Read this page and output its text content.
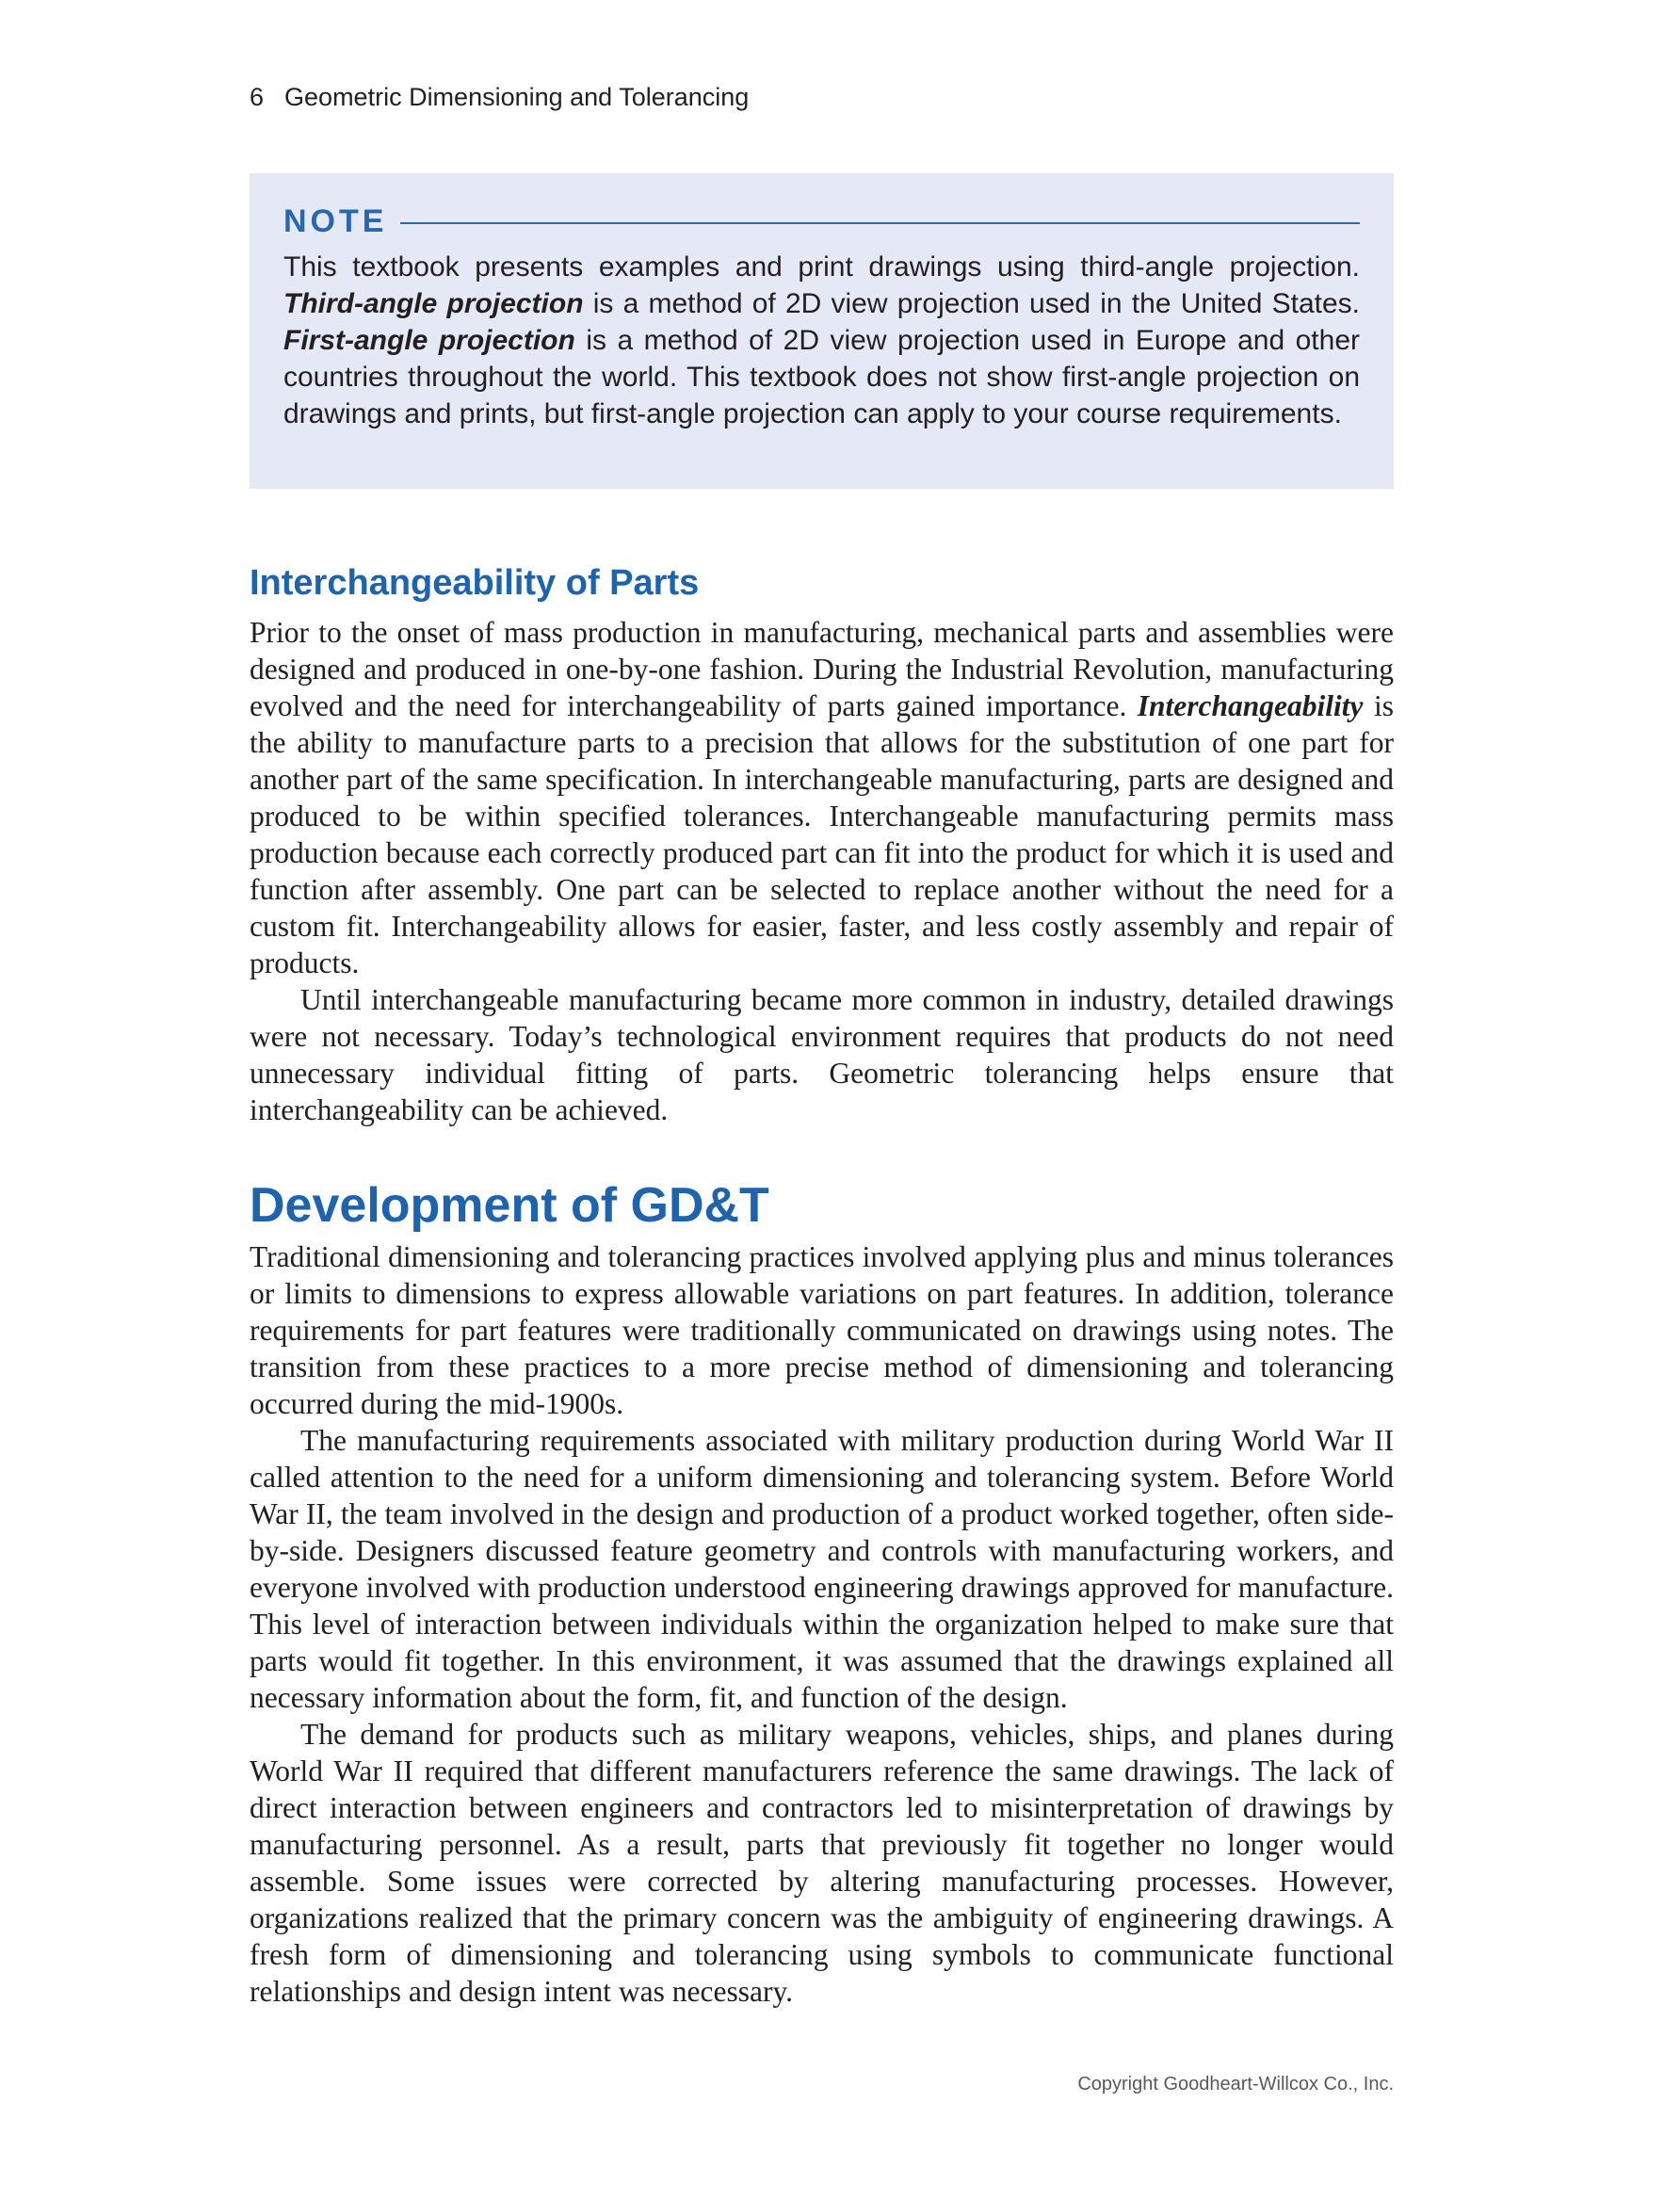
6 Geometric Dimensioning and Tolerancing
NOTE
This textbook presents examples and print drawings using third-angle projection. Third-angle projection is a method of 2D view projection used in the United States. First-angle projection is a method of 2D view projection used in Europe and other countries throughout the world. This textbook does not show first-angle projection on drawings and prints, but first-angle projection can apply to your course requirements.
Interchangeability of Parts

Prior to the onset of mass production in manufacturing, mechanical parts and assemblies were designed and produced in one-by-one fashion. During the Industrial Revolution, manufacturing evolved and the need for interchangeability of parts gained importance. Interchangeability is the ability to manufacture parts to a precision that allows for the substitution of one part for another part of the same specification. In interchangeable manufacturing, parts are designed and produced to be within specified tolerances. Interchangeable manufacturing permits mass production because each correctly produced part can fit into the product for which it is used and function after assembly. One part can be selected to replace another without the need for a custom fit. Interchangeability allows for easier, faster, and less costly assembly and repair of products.

Until interchangeable manufacturing became more common in industry, detailed drawings were not necessary. Today’s technological environment requires that products do not need unnecessary individual fitting of parts. Geometric tolerancing helps ensure that interchangeability can be achieved.

Development of GD&T

Traditional dimensioning and tolerancing practices involved applying plus and minus tolerances or limits to dimensions to express allowable variations on part features. In addition, tolerance requirements for part features were traditionally communicated on drawings using notes. The transition from these practices to a more precise method of dimensioning and tolerancing occurred during the mid-1900s.

The manufacturing requirements associated with military production during World War II called attention to the need for a uniform dimensioning and tolerancing system. Before World War II, the team involved in the design and production of a product worked together, often side-by-side. Designers discussed feature geometry and controls with manufacturing workers, and everyone involved with production understood engineering drawings approved for manufacture. This level of interaction between individuals within the organization helped to make sure that parts would fit together. In this environment, it was assumed that the drawings explained all necessary information about the form, fit, and function of the design.

The demand for products such as military weapons, vehicles, ships, and planes during World War II required that different manufacturers reference the same drawings. The lack of direct interaction between engineers and contractors led to misinterpretation of drawings by manufacturing personnel. As a result, parts that previously fit together no longer would assemble. Some issues were corrected by altering manufacturing processes. However, organizations realized that the primary concern was the ambiguity of engineering drawings. A fresh form of dimensioning and tolerancing using symbols to communicate functional relationships and design intent was necessary.

Copyright Goodheart-Willcox Co., Inc.
